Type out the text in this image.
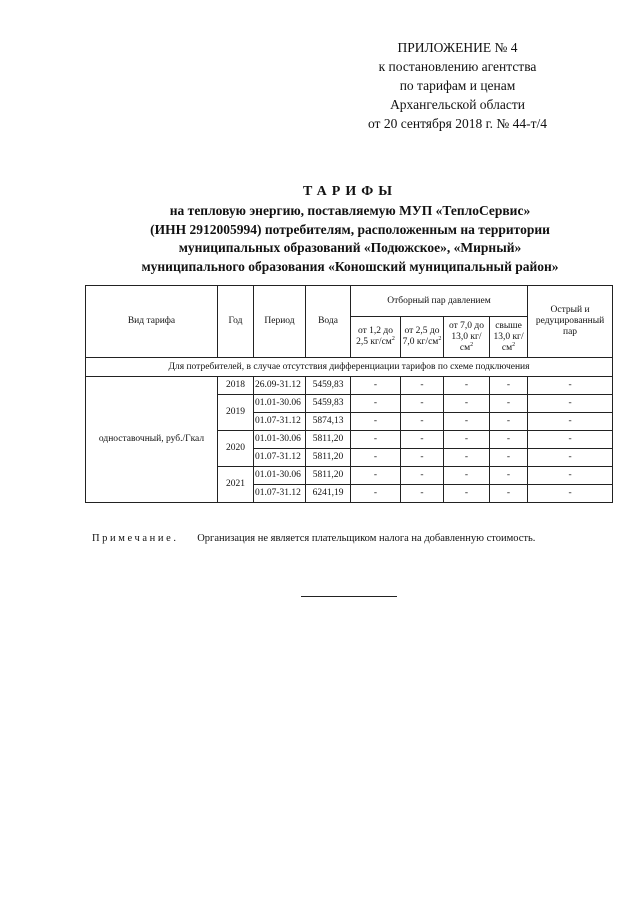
ПРИЛОЖЕНИЕ № 4
к постановлению агентства
по тарифам и ценам
Архангельской области
от 20 сентября 2018 г. № 44-т/4
ТАРИФЫ
на тепловую энергию, поставляемую МУП «ТеплоСервис»
(ИНН 2912005994) потребителям, расположенным на территории
муниципальных образований «Подюжское», «Мирный»
муниципального образования «Коношский муниципальный район»
Вид тарифа	Год	Период	Вода	Отборный пар давлением				Острый и редуцированный пар
				от 1,2 до 2,5 $кг/см^2$	от 2,5 до 7,0 $кг/см^2$	от 7,0 до 13,0 $кг/см^2$	свыше 13,0 $кг/см^2$
Для потребителей, в случае отсутствия дифференциации тарифов по схеме подключения								
одноставочный, руб./Гкал	2018	26.09-31.12	5459,83	-	-	-	-	-
	2019	01.01-30.06	5459,83	-	-	-	-	-
		01.07-31.12	5874,13	-	-	-	-	-
	2020	01.01-30.06	5811,20	-	-	-	-	-
		01.07-31.12	5811,20	-	-	-	-	-
	2021	01.01-30.06	5811,20	-	-	-	-	-
		01.07-31.12	6241,19	-	-	-	-	-
Примечание. Организация не является плательщиком налога на добавленную стоимость.
